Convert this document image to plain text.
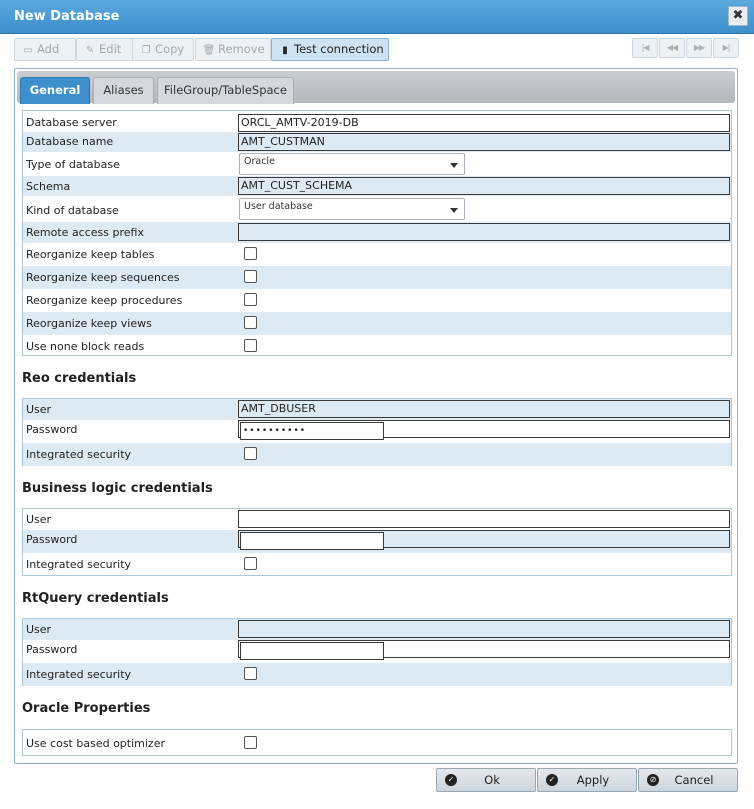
New Database	✖
▭ Add	✎ Edit	❐ Copy	🗑 Remove	▮ Test connection	|◀	◀◀	▶▶	▶|
General	Aliases	FileGroup/TableSpace
Database server	ORCL_AMTV-2019-DB
Database name	AMT_CUSTMAN
Type of database	Oracle
Schema	AMT_CUST_SCHEMA
Kind of database	User database
Remote access prefix
Reorganize keep tables
Reorganize keep sequences
Reorganize keep procedures
Reorganize keep views
Use none block reads
Reo credentials
User	AMT_DBUSER
Password	••••••••••
Integrated security
Business logic credentials
User
Password
Integrated security
RtQuery credentials
User
Password
Integrated security
Oracle Properties
Use cost based optimizer
✓	Ok	✓	Apply	⊘	Cancel
